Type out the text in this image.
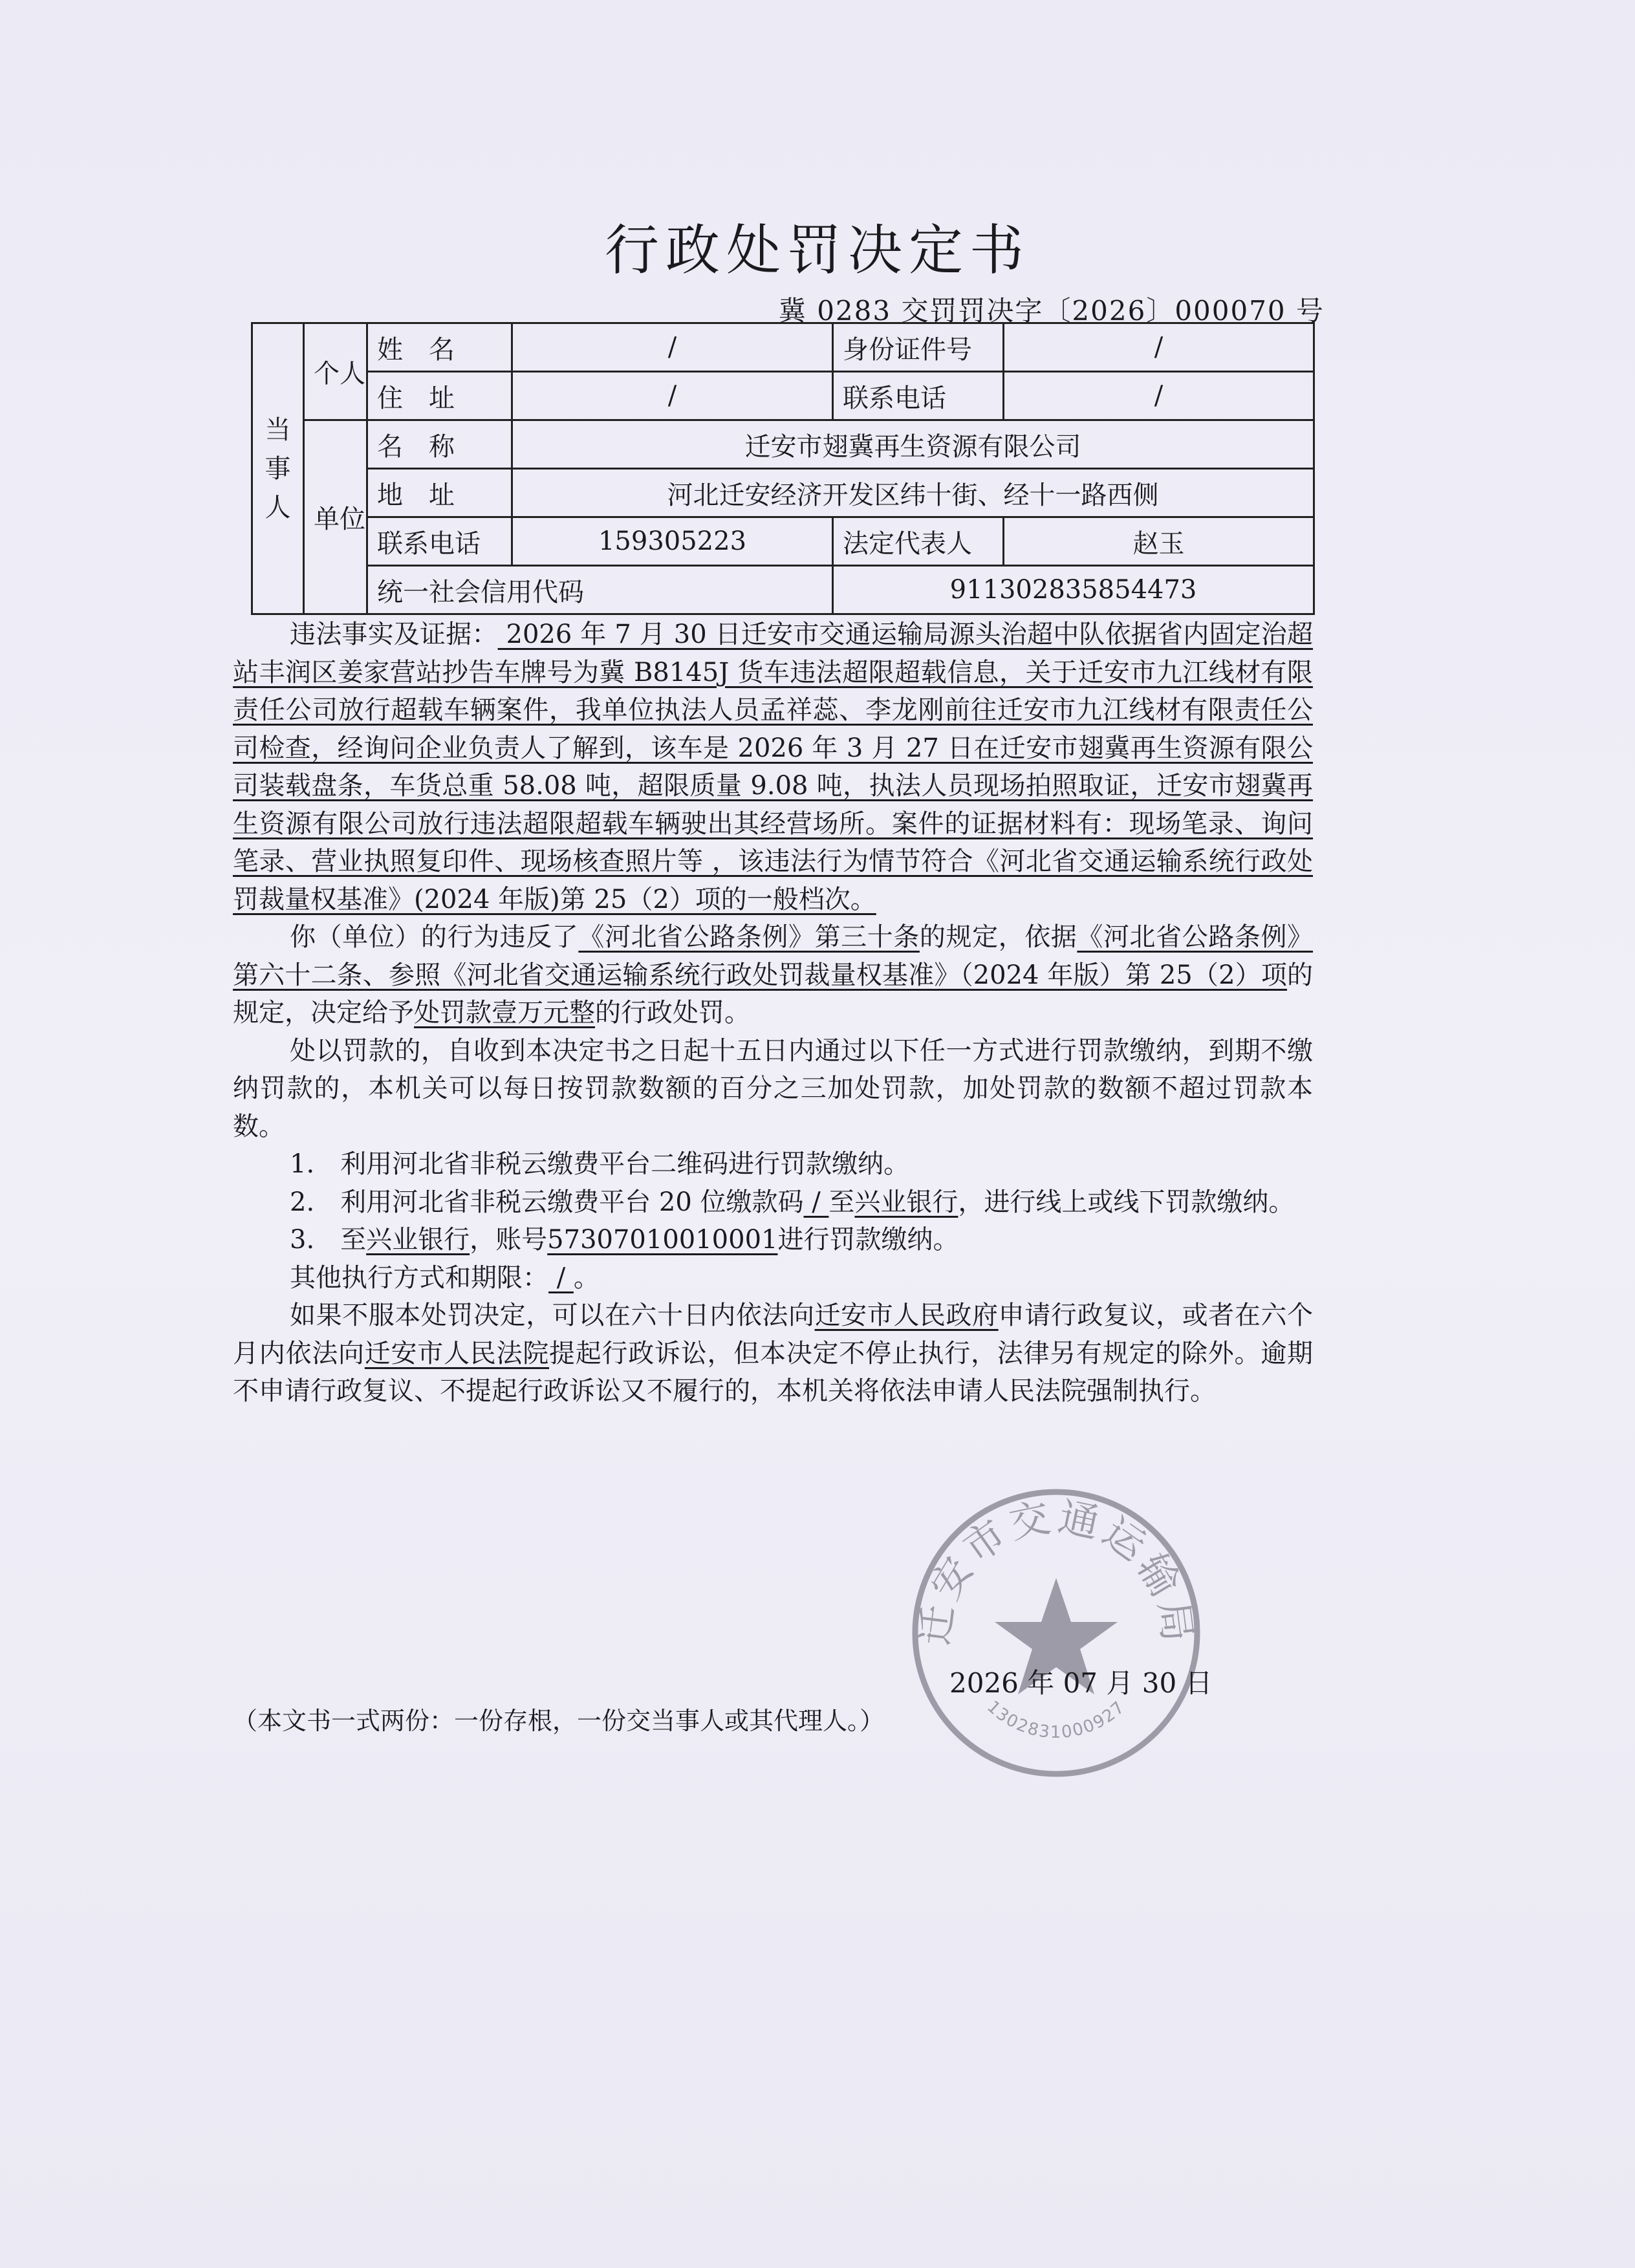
行政处罚决定书
冀 0283 交罚罚决字〔2026〕000070 号
当事人	个人	姓　名	/	身份证件号	/
		住　址	/	联系电话	/
	单位	名　称	迁安市翅冀再生资源有限公司		
		地　址	河北迁安经济开发区纬十街、经十一路西侧		
		联系电话	159305223	法定代表人	赵玉
		统一社会信用代码		911302835854473	

违法事实及证据： 2026 年 7 月 30 日迁安市交通运输局源头治超中队依据省内固定治超站丰润区姜家营站抄告车牌号为冀 B8145J 货车违法超限超载信息，关于迁安市九江线材有限责任公司放行超载车辆案件，我单位执法人员孟祥蕊、李龙刚前往迁安市九江线材有限责任公司检查，经询问企业负责人了解到，该车是 2026 年 3 月 27 日在迁安市翅冀再生资源有限公司装载盘条，车货总重 58.08 吨，超限质量 9.08 吨，执法人员现场拍照取证，迁安市翅冀再生资源有限公司放行违法超限超载车辆驶出其经营场所。案件的证据材料有：现场笔录、询问笔录、营业执照复印件、现场核查照片等 ，该违法行为情节符合《河北省交通运输系统行政处罚裁量权基准》(2024 年版)第 25（2）项的一般档次。

你（单位）的行为违反了《河北省公路条例》第三十条的规定，依据《河北省公路条例》第六十二条、参照《河北省交通运输系统行政处罚裁量权基准》（2024 年版）第 25（2）项的规定，决定给予处罚款壹万元整的行政处罚。

处以罚款的，自收到本决定书之日起十五日内通过以下任一方式进行罚款缴纳，到期不缴纳罚款的，本机关可以每日按罚款数额的百分之三加处罚款，加处罚款的数额不超过罚款本数。

1.　利用河北省非税云缴费平台二维码进行罚款缴纳。

2.　利用河北省非税云缴费平台 20 位缴款码 / 至兴业银行，进行线上或线下罚款缴纳。

3.　至兴业银行，账号57307010010001进行罚款缴纳。

其他执行方式和期限： / 。

如果不服本处罚决定，可以在六十日内依法向迁安市人民政府申请行政复议，或者在六个月内依法向迁安市人民法院提起行政诉讼，但本决定不停止执行，法律另有规定的除外。逾期不申请行政复议、不提起行政诉讼又不履行的，本机关将依法申请人民法院强制执行。

迁安市交通运输局
1302831000927
2026 年 07 月 30 日
（本文书一式两份：一份存根，一份交当事人或其代理人。）
